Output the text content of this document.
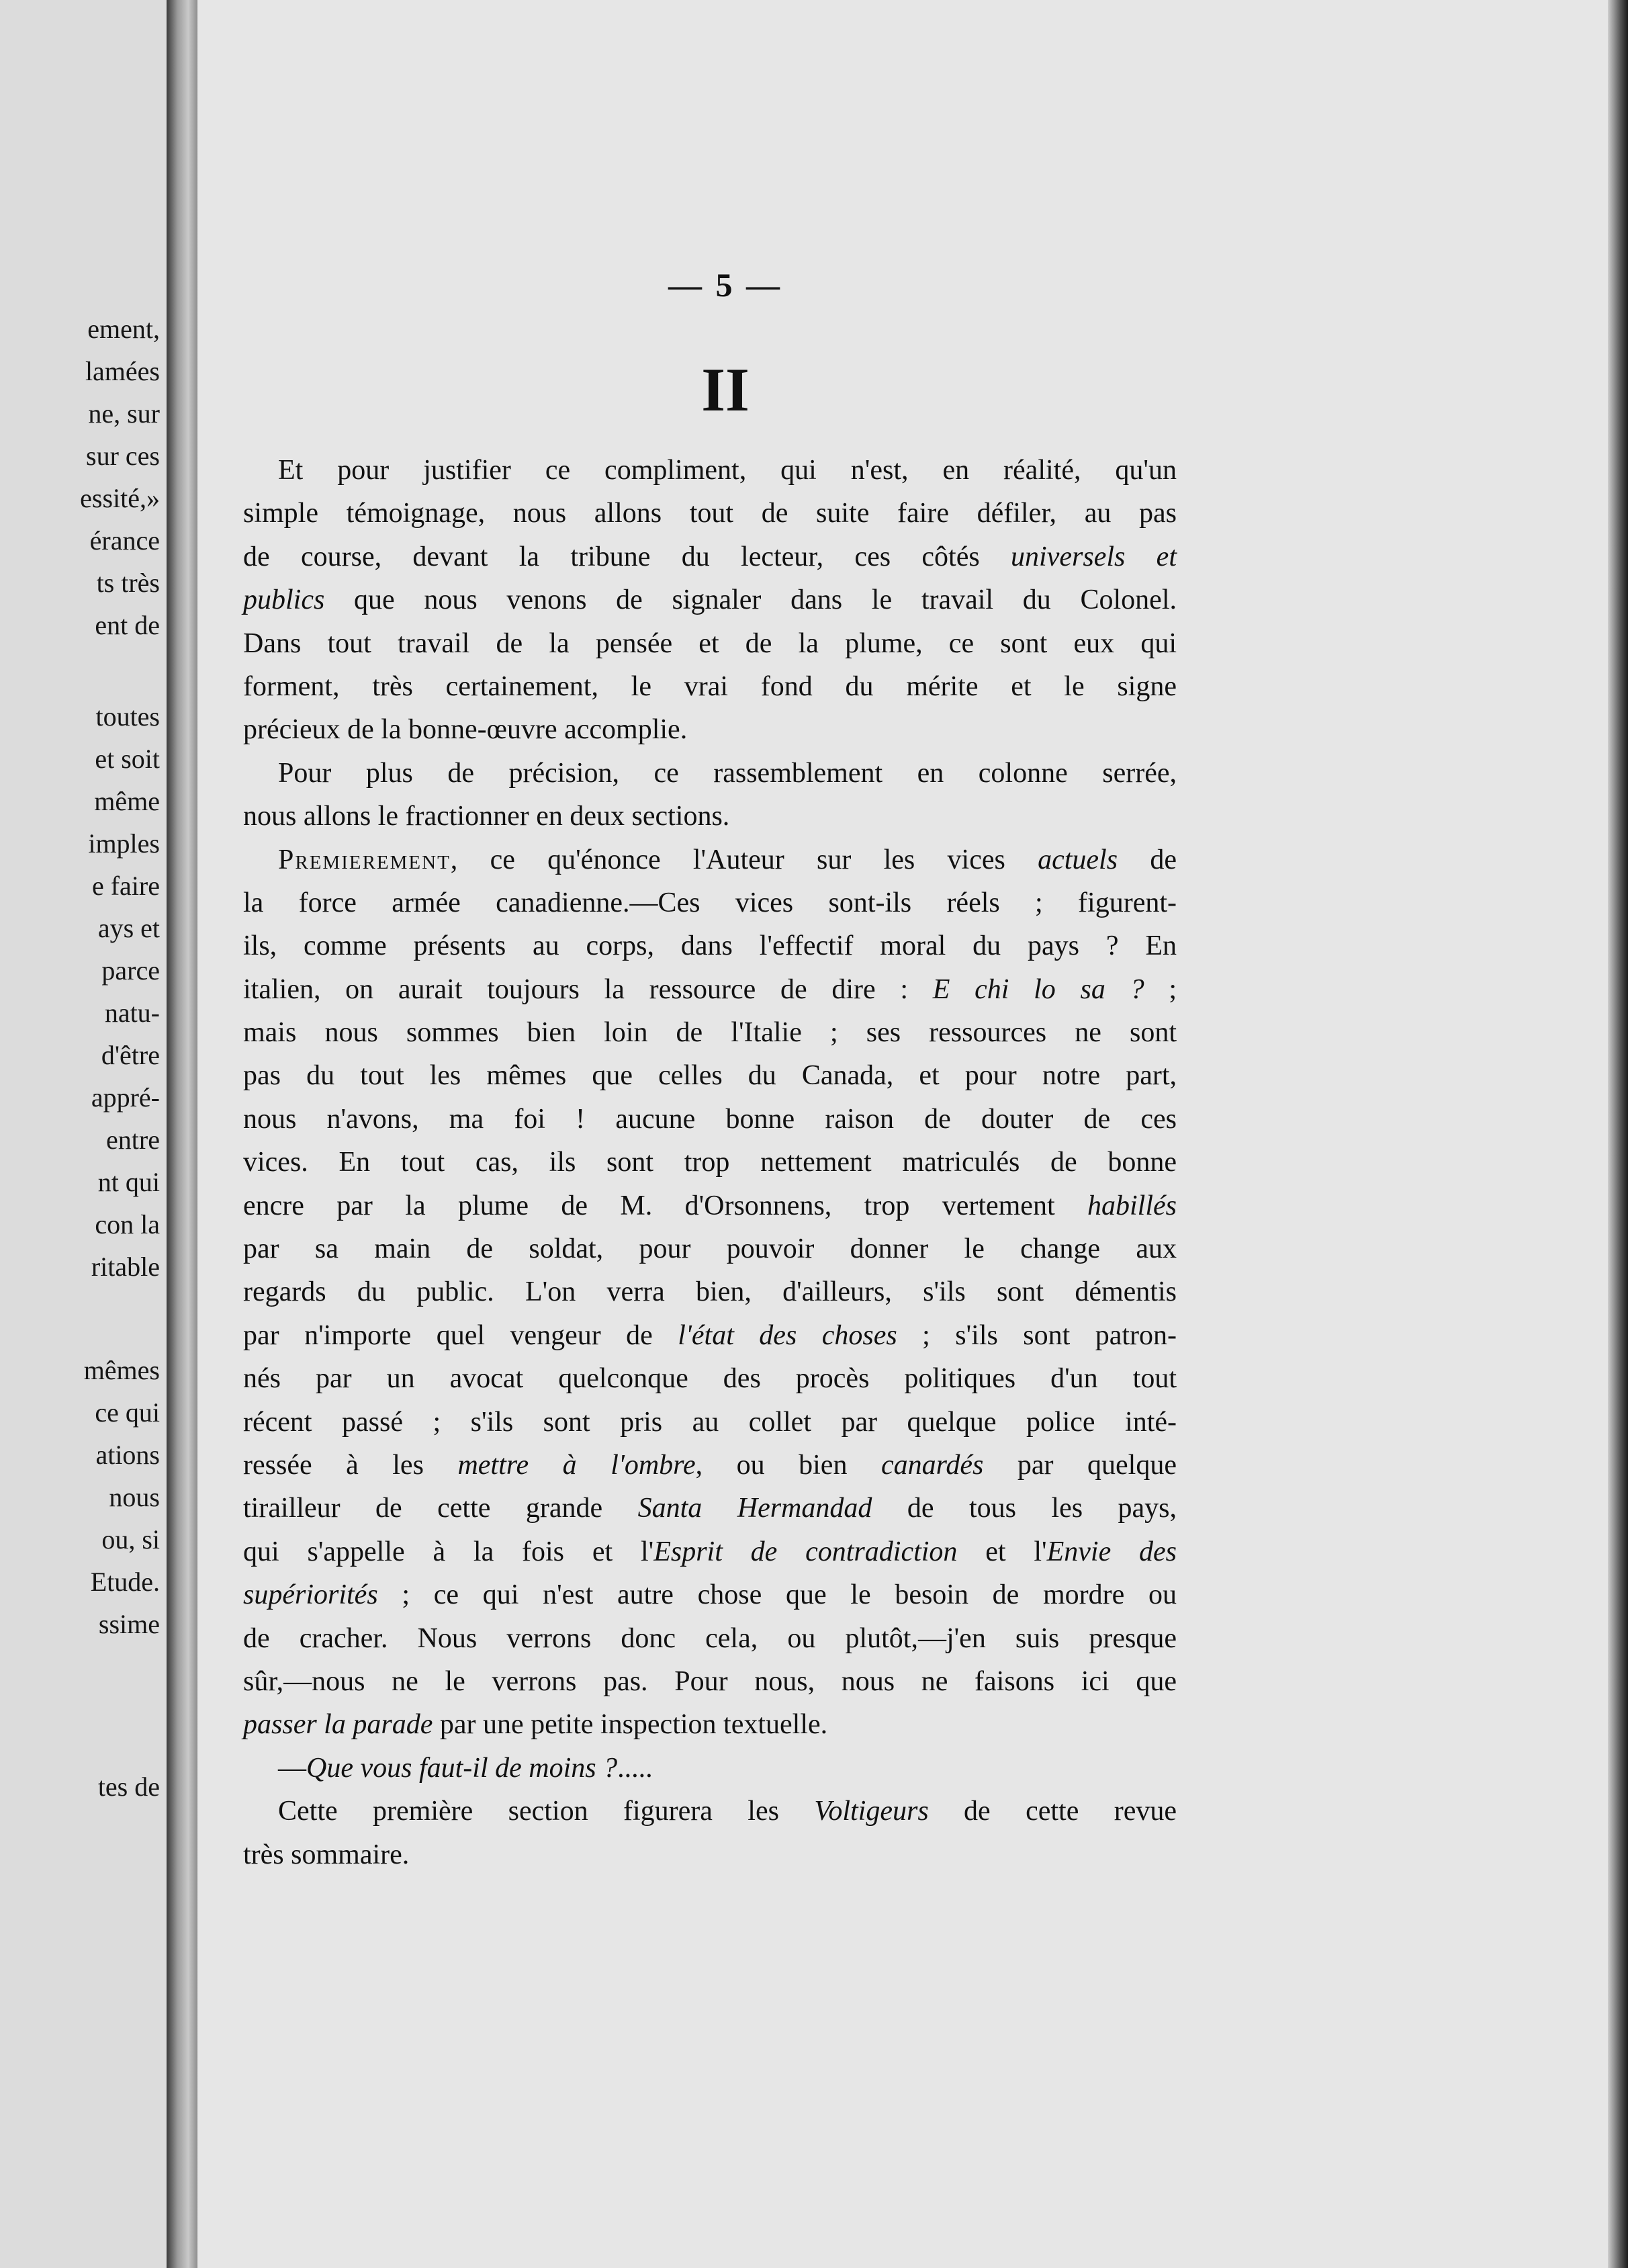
ement,
lamées
ne, sur
sur ces
essité,»
érance
ts très
ent de
toutes
et soit
même
imples
e faire
ays et
parce
natu-
d'être
appré-
entre
nt qui
con la
ritable
mêmes
ce qui
ations
nous
ou, si
Etude.
ssime
tes de
— 5 —
II
Et pour justifier ce compliment, qui n'est, en réalité, qu'un
simple témoignage, nous allons tout de suite faire défiler, au pas
de course, devant la tribune du lecteur, ces côtés universels et
publics que nous venons de signaler dans le travail du Colonel.
Dans tout travail de la pensée et de la plume, ce sont eux qui
forment, très certainement, le vrai fond du mérite et le signe
précieux de la bonne-œuvre accomplie.
Pour plus de précision, ce rassemblement en colonne serrée,
nous allons le fractionner en deux sections.
Premierement, ce qu'énonce l'Auteur sur les vices actuels de
la force armée canadienne.—Ces vices sont-ils réels ; figurent-
ils, comme présents au corps, dans l'effectif moral du pays ? En
italien, on aurait toujours la ressource de dire : E chi lo sa ? ;
mais nous sommes bien loin de l'Italie ; ses ressources ne sont
pas du tout les mêmes que celles du Canada, et pour notre part,
nous n'avons, ma foi ! aucune bonne raison de douter de ces
vices. En tout cas, ils sont trop nettement matriculés de bonne
encre par la plume de M. d'Orsonnens, trop vertement habillés
par sa main de soldat, pour pouvoir donner le change aux
regards du public. L'on verra bien, d'ailleurs, s'ils sont démentis
par n'importe quel vengeur de l'état des choses ; s'ils sont patron-
nés par un avocat quelconque des procès politiques d'un tout
récent passé ; s'ils sont pris au collet par quelque police inté-
ressée à les mettre à l'ombre, ou bien canardés par quelque
tirailleur de cette grande Santa Hermandad de tous les pays,
qui s'appelle à la fois et l'Esprit de contradiction et l'Envie des
supériorités ; ce qui n'est autre chose que le besoin de mordre ou
de cracher. Nous verrons donc cela, ou plutôt,—j'en suis presque
sûr,—nous ne le verrons pas. Pour nous, nous ne faisons ici que
passer la parade par une petite inspection textuelle.
—Que vous faut-il de moins ?.....
Cette première section figurera les Voltigeurs de cette revue
très sommaire.
